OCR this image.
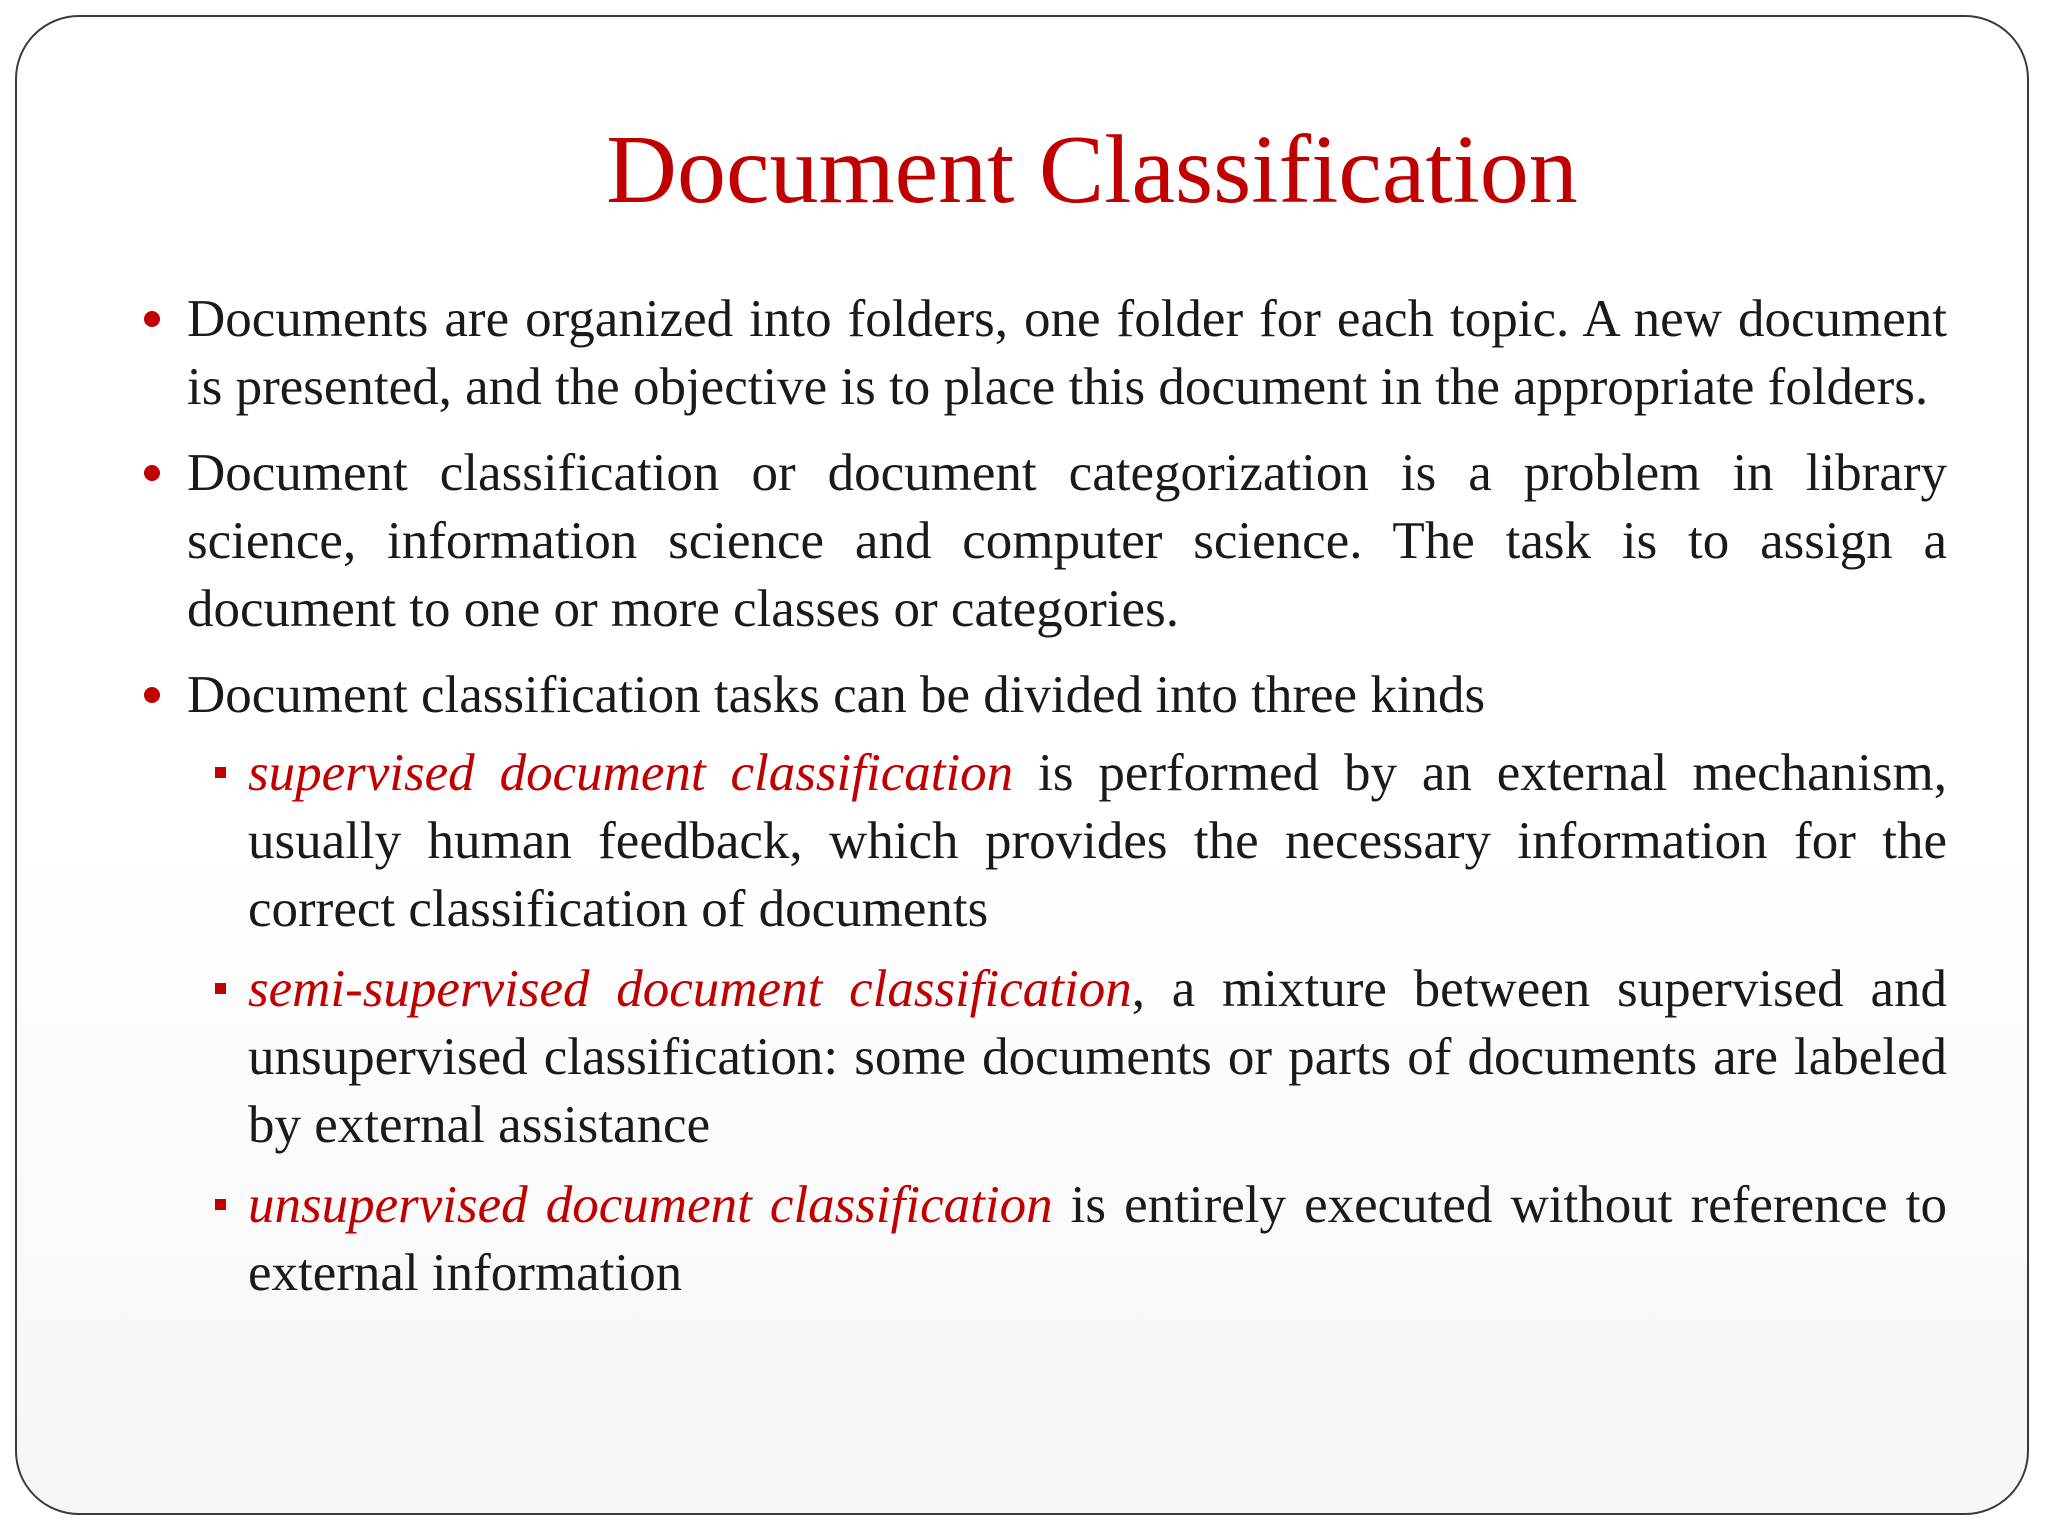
Document Classification
Documents are organized into folders, one folder for each topic. A new document is presented, and the objective is to place this document in the appropriate folders.
Document classification or document categorization is a problem in library science, information science and computer science. The task is to assign a document to one or more classes or categories.
Document classification tasks can be divided into three kinds
supervised document classification is performed by an external mechanism, usually human feedback, which provides the necessary information for the correct classification of documents
semi-supervised document classification, a mixture between supervised and unsupervised classification: some documents or parts of documents are labeled by external assistance
unsupervised document classification is entirely executed without reference to external information
